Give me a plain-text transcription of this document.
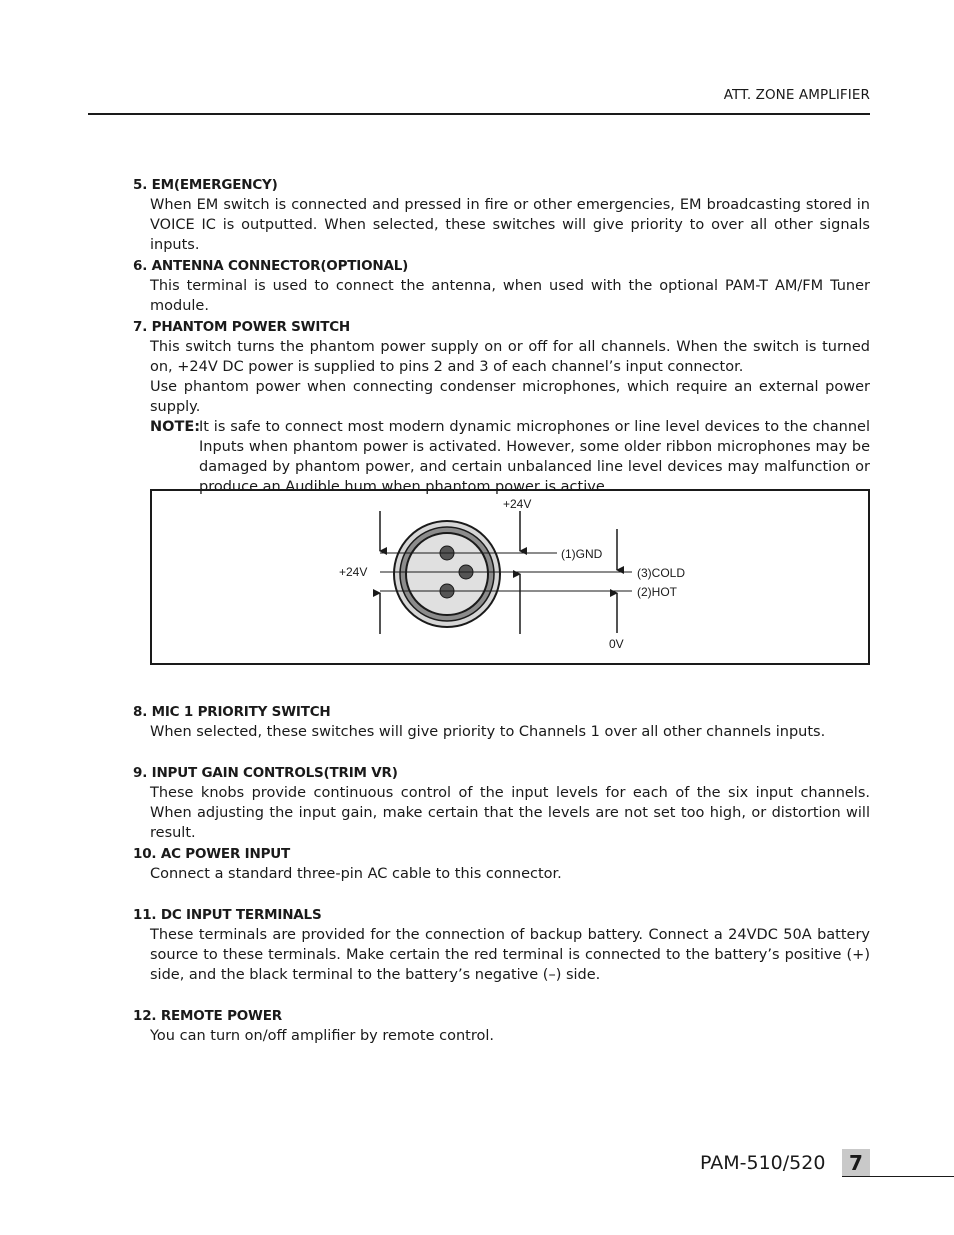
ATT. ZONE AMPLIFIER
5. EM(EMERGENCY)

When EM switch is connected and pressed in fire or other emergencies, EM broadcasting stored in VOICE IC is outputted. When selected, these switches will give priority to over all other signals inputs.

6. ANTENNA CONNECTOR(OPTIONAL)

This terminal is used to connect the antenna, when used with the optional PAM-T AM/FM Tuner module.

7. PHANTOM POWER SWITCH

This switch turns the phantom power supply on or off for all channels. When the switch is turned on, +24V DC power is supplied to pins 2 and 3 of each channel’s input connector.

Use phantom power when connecting condenser microphones, which require an external power supply.

NOTE:
It is safe to connect most modern dynamic microphones or line level devices to the channel Inputs when phantom power is activated. However, some older ribbon microphones may be damaged by phantom power, and certain unbalanced line level devices may malfunction or produce an Audible hum when phantom power is active.
+24V
+24V
(1)GND
(3)COLD
(2)HOT
0V
8. MIC 1 PRIORITY SWITCH

When selected, these switches will give priority to Channels 1 over all other channels inputs.

9. INPUT GAIN CONTROLS(TRIM VR)

These knobs provide continuous control of the input levels for each of the six input channels. When adjusting the input gain, make certain that the levels are not set too high, or distortion will result.

10. AC POWER INPUT

Connect a standard three-pin AC cable to this connector.

11. DC INPUT TERMINALS

These terminals are provided for the connection of backup battery. Connect a 24VDC 50A battery source to these terminals. Make certain the red terminal is connected to the battery’s positive (+) side, and the black terminal to the battery’s negative (–) side.

12. REMOTE POWER

You can turn on/off amplifier by remote control.

PAM-510/520	7
